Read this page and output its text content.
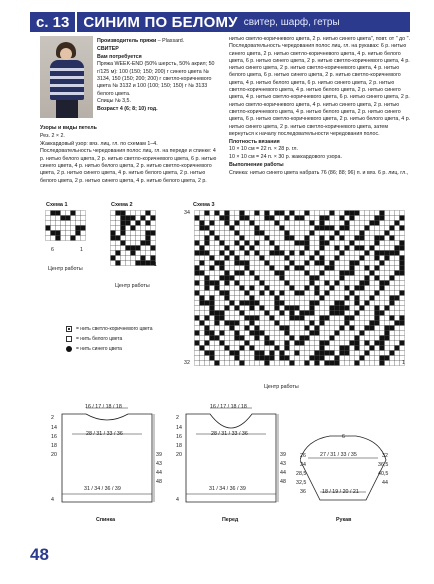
с. 13 СИНИМ ПО БЕЛОМУ свитер, шарф, гетры

Производитель пряжи – Plassard.

СВИТЕР

Вам потребуется

Пряжа WEEK-END (50% шерсть, 50% акрил; 50 г/125 м): 100 (150; 150; 200) г синего цвета № 3134, 150 (150; 200; 200) г светло-коричневого цвета № 3132 и 100 (100; 150; 150) г № 3133 белого цвета.

Спицы № 3,5.

Возраст 4 (6; 8; 10) год.

Узоры и виды петель

Рез. 2 × 2.

Жаккардовый узор: вяз. лиц. гл. по схемам 1–4.

Последовательность чередования полос лиц. гл. на переде и спинке: 4 р. нитью белого цвета, 2 р. нитью светло-коричневого цвета, 6 р. нитью синего цвета, 4 р. нитью белого цвета, 2 р. нитью светло-коричневого цвета, 2 р. нитью синего цвета, 4 р. нитью белого цвета, 2 р. нитью белого цвета, 2 р. нитью синего цвета, 4 р. нитью белого цвета, 2 р.

нитью светло-коричневого цвета, 2 р. нитью синего цвета", повт. от " до ". Последовательность чередования полос лиц. гл. на рукавах: 6 р. нитью синего цвета, 2 р. нитью светло-коричневого цвета, 4 р. нитью белого цвета, 6 р. нитью синего цвета, 2 р. нитью светло-коричневого цвета, 4 р. нитью синего цвета, 2 р. нитью светло-коричневого цвета, 4 р. нитью белого цвета, 6 р. нитью синего цвета, 2 р. нитью светло-коричневого цвета, 4 р. нитью белого цвета, 6 р. нитью синего цвета, 2 р. нитью светло-коричневого цвета, 4 р. нитью белого цвета, 2 р. нитью синего цвета, 4 р. нитью светло-коричневого цвета, 6 р. нитью синего цвета, 2 р. нитью светло-коричневого цвета, 4 р. нитью синего цвета, 2 р. нитью светло-коричневого цвета, 4 р. нитью белого цвета, 2 р. нитью синего цвета, 6 р. нитью светло-коричневого цвета, 2 р. нитью белого цвета, 4 р. нитью синего цвета, 2 р. нитью светло-коричневого цвета, затем вернуться к началу последовательности чередования полос.

Плотность вязания

10 × 10 см = 22 п. × 28 р. гл.

10 × 10 см = 24 п. × 30 р. жаккардового узора.

Выполнение работы

Спинка: нитью синего цвета набрать 76 (86; 88; 96) п. и вяз. 6 р. лиц. гл.,

Схема 1	Схема 2	Схема 3
6	1
Центр работы
1
Центр работы
34
32	1
Центр работы
= нить светло-коричневого цвета
= нить белого цвета
= нить синего цвета
16 / 17 / 18 / 18
28 / 31 / 33 / 36
31 / 34 / 36 / 39
2
14
16
18
20
4
39
43
44
48
Спинка
16 / 17 / 18 / 18
28 / 31 / 33 / 36
31 / 34 / 36 / 39
2
14
16
18
20
4
39
43
44
48
Перед
6
27 / 31 / 33 / 35
18 / 19 / 20 / 21
26
24
28,5
32,5
36
32
36,5
40,5
44
Рукав
48
